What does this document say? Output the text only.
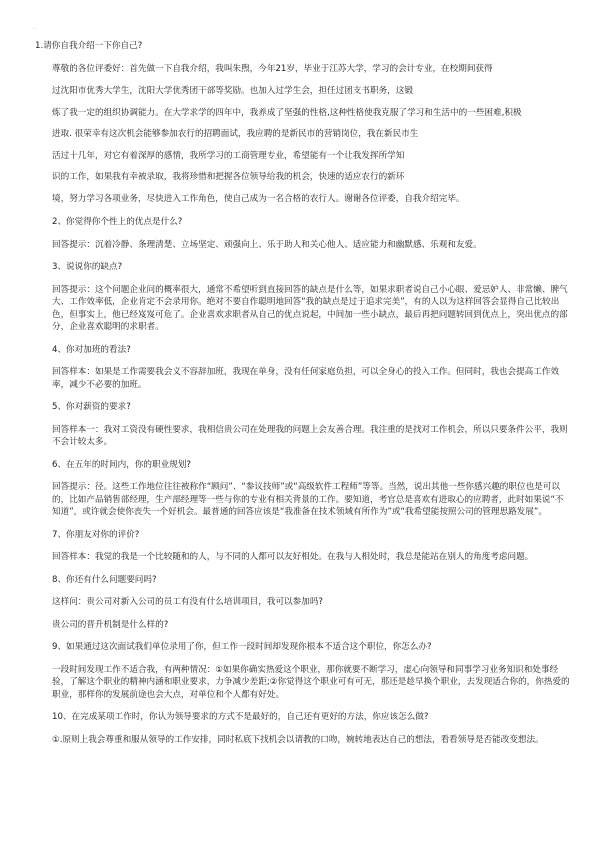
··

1.请你自我介绍一下你自己?

尊敬的各位评委好：首先做一下自我介绍，我叫朱煦，今年21岁，毕业于江苏大学，学习的会计专业，在校期间获得

过沈阳市优秀大学生，沈阳大学优秀团干部等奖励。也加入过学生会，担任过团支书职务，这锻

炼了我一定的组织协调能力。在大学求学的四年中，我养成了坚强的性格,这种性格使我克服了学习和生活中的一些困难,积极

进取. 很荣幸有这次机会能够参加农行的招聘面试，我应聘的是新民市的营销岗位，我在新民市生

活过十几年，对它有着深厚的感情，我所学习的工商管理专业，希望能有一个让我发挥所学知

识的工作，如果我有幸被录取，我将珍惜和把握各位领导给我的机会，快速的适应农行的新环

境，努力学习各项业务，尽快进入工作角色，使自己成为一名合格的农行人。谢谢各位评委，自我介绍完毕。

2、你觉得你个性上的优点是什么?

回答提示：沉着冷静、条理清楚、立场坚定、顽强向上、乐于助人和关心他人、适应能力和幽默感、乐观和友爱。

3、说说你的缺点?

回答提示：这个问题企业问的概率很大，通常不希望听到直接回答的缺点是什么等，如果求职者说自己小心眼、爱忌妒人、非常懒、脾气大、工作效率低，企业肯定不会录用你。绝对不要自作聪明地回答“我的缺点是过于追求完美”，有的人以为这样回答会显得自己比较出色，但事实上，他已经岌岌可危了。企业喜欢求职者从自己的优点说起，中间加一些小缺点，最后再把问题转回到优点上，突出优点的部分，企业喜欢聪明的求职者。

4、你对加班的看法?

回答样本：如果是工作需要我会义不容辞加班，我现在单身，没有任何家庭负担，可以全身心的投入工作。但同时，我也会提高工作效率，减少不必要的加班。

5、你对薪资的要求?

回答样本一：我对工资没有硬性要求，我相信贵公司在处理我的问题上会友善合理。我注重的是找对工作机会，所以只要条件公平，我则不会计较太多。

6、在五年的时间内，你的职业规划?

回答提示：径。这些工作地位往往被称作“顾问”、“参议技师”或“高级软件工程师”等等。当然，说出其他一些你感兴趣的职位也是可以的，比如产品销售部经理，生产部经理等一些与你的专业有相关背景的工作。要知道，考官总是喜欢有进取心的应聘者，此时如果说“不知道”，或许就会使你丧失一个好机会。最普通的回答应该是“我准备在技术领域有所作为”或“我希望能按照公司的管理思路发展”。

7、你朋友对你的评价?

回答样本：我觉的我是一个比较随和的人，与不同的人都可以友好相处。在我与人相处时，我总是能站在别人的角度考虑问题。

8、你还有什么问题要问吗?

这样问：贵公司对新入公司的员工有没有什么培训项目，我可以参加吗?

贵公司的晋升机制是什么样的?

9、如果通过这次面试我们单位录用了你，但工作一段时间却发现你根本不适合这个职位，你怎么办?

一段时间发现工作不适合我，有两种情况：①如果你确实热爱这个职业，那你就要不断学习，虚心向领导和同事学习业务知识和处事经验，了解这个职业的精神内涵和职业要求，力争减少差距;②你觉得这个职业可有可无，那还是趁早换个职业，去发现适合你的，你热爱的职业，那样你的发展前途也会大点，对单位和个人都有好处。

10、在完成某项工作时，你认为领导要求的方式不是最好的，自己还有更好的方法，你应该怎么做?

①.原则上我会尊重和服从领导的工作安排，同时私底下找机会以请教的口吻，婉转地表达自己的想法，看看领导是否能改变想法。
